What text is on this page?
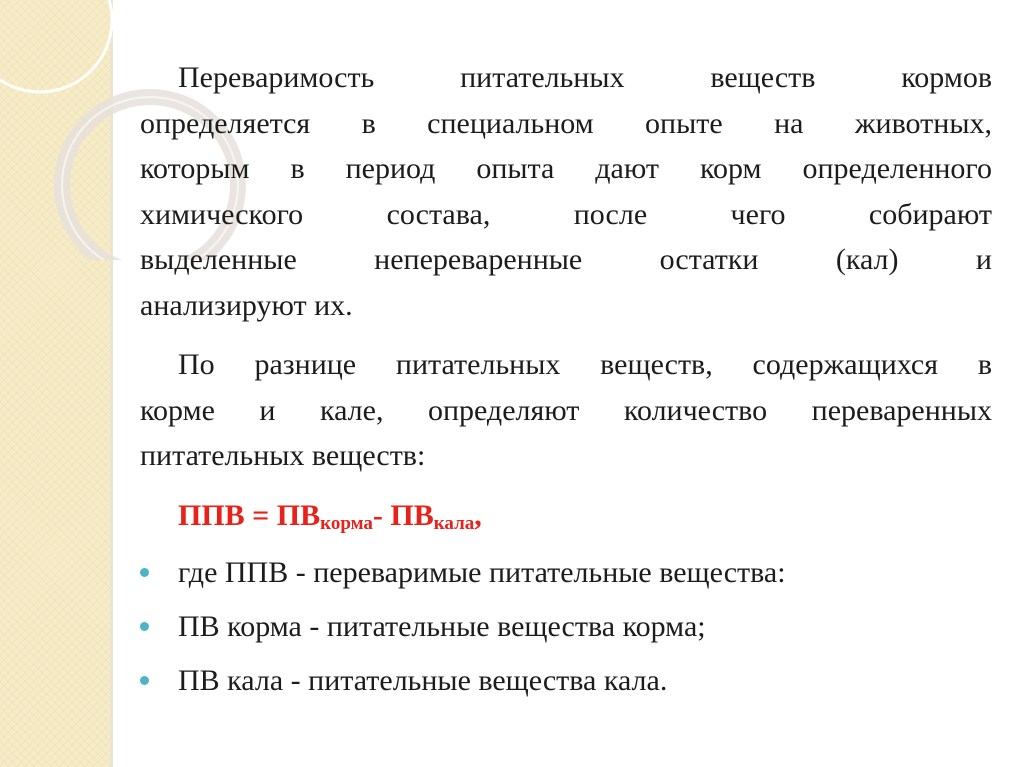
Переваримость питательных веществ кормов
определяется в специальном опыте на животных,
которым в период опыта дают корм определенного
химического состава, после чего собирают
выделенные непереваренные остатки (кал) и
анализируют их.
По разнице питательных веществ, содержащихся в
корме и кале, определяют количество переваренных
питательных веществ:
ППВ = $ПВ_{корма}-$ $ПВ_{кала}$,
где ППВ - переваримые питательные вещества:
ПВ корма - питательные вещества корма;
ПВ кала - питательные вещества кала.
